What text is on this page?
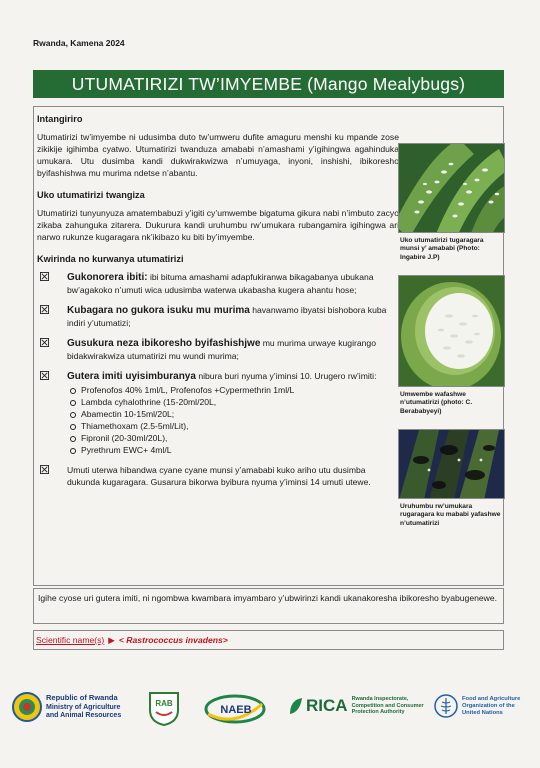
Rwanda, Kamena 2024
UTUMATIRIZI TW’IMYEMBE (Mango Mealybugs)
Intangiriro

Utumatirizi tw’imyembe ni udusimba duto tw’umweru dufite amaguru menshi ku mpande zose zikikije igihimba cyatwo. Utumatirizi twanduza amababi n’amashami y’igihingwa agahinduka umukara. Utu dusimba kandi dukwirakwizwa n’umuyaga, inyoni, inshishi, ibikoresho byifashishwa mu murima ndetse n’abantu.

Uko utumatirizi twangiza

Utumatirizi tunyunyuza amatembabuzi y’igiti cy’umwembe bigatuma gikura nabi n’imbuto zacyo zikaba zahunguka zitarera. Dukurura kandi uruhumbu rw’umukara rubangamira igihingwa ari narwo rukunze kugaragara nk’ikibazo ku biti by’imyembe.

Kwirinda no kurwanya utumatirizi
Gukonorera ibiti: ibi bituma amashami adapfukiranwa bikagabanya ubukana bw’agakoko n’umuti wica udusimba waterwa ukabasha kugera ahantu hose;
Kubagara no gukora isuku mu murima havanwamo ibyatsi bishobora kuba indiri y’utumatizi;
Gusukura neza ibikoresho byifashishjwe mu murima urwaye kugirango bidakwirakwiza utumatirizi mu wundi murima;
Gutera imiti uyisimburanya nibura buri nyuma y’iminsi 10. Urugero rw’imiti:
Profenofos 40% 1ml/L, Profenofos +Cypermethrin 1ml/L
Lambda cyhalothrine (15-20ml/20L,
Abamectin 10-15ml/20L;
Thiamethoxam (2.5-5ml/Lit),
Fipronil (20-30ml/20L),
Pyrethrum EWC+ 4ml/L
Umuti uterwa hibandwa cyane cyane munsi y’amababi kuko ariho utu dusimba dukunda kugaragara. Gusarura bikorwa byibura nyuma y’iminsi 14 umuti utewe.
Uko utumatirizi tugaragara munsi y’ amababi (Photo: Ingabire J.P)
Umwembe wafashwe n’utumatirizi (photo: C. Berababyeyi)
Uruhumbu rw’umukara rugaragara ku mababi yafashwe n’utumatirizi
Igihe cyose uri gutera imiti, ni ngombwa kwambara imyambaro y’ubwirinzi kandi ukanakoresha ibikoresho byabugenewe.
Scientific name(s) ▶ < Rastrococcus invadens>
Republic of Rwanda
Ministry of Agriculture and Animal Resources
RAB
NAEB	RICA Rwanda Inspectorate, Competition and Consumer Protection Authority
Food and Agriculture Organization of the United Nations
